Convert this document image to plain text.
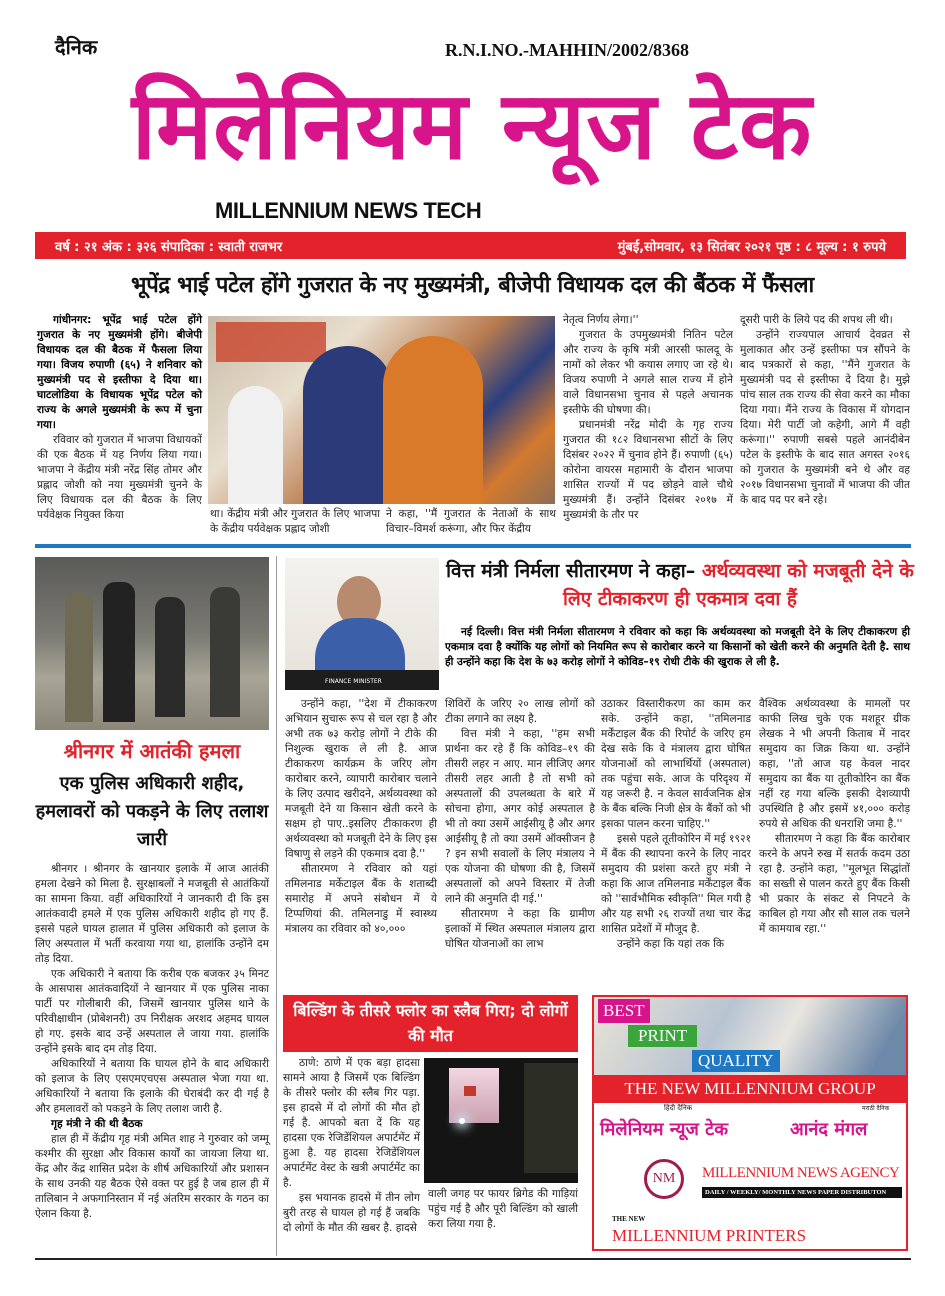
दैनिक	R.N.I.NO.-MAHHIN/2002/8368
मिलेनियम न्यूज टेक
MILLENNIUM NEWS TECH
वर्ष : २१ अंक : ३२६ संपादिका : स्वाती राजभर	मुंबई,सोमवार, १३ सितंबर २०२१ पृष्ठ : ८ मूल्य : १ रुपये
भूपेंद्र भाई पटेल होंगे गुजरात के नए मुख्यमंत्री, बीजेपी विधायक दल की बैंठक में फैंसला

गांधीनगर: भूपेंद्र भाई पटेल होंगे गुजरात के नए मुख्यमंत्री होंगे। बीजेपी विधायक दल की बैठक में फैसला लिया गया। विजय रुपाणी (६५) ने शनिवार को मुख्यमंत्री पद से इस्तीफा दे दिया था। घाटलोडिया के विधायक भूपेंद्र पटेल को राज्य के अगले मुख्यमंत्री के रूप में चुना गया।

रविवार को गुजरात में भाजपा विधायकों की एक बैठक में यह निर्णय लिया गया। भाजपा ने केंद्रीय मंत्री नरेंद्र सिंह तोमर और प्रह्लाद जोशी को नया मुख्यमंत्री चुनने के लिए विधायक दल की बैठक के लिए पर्यवेक्षक नियुक्त किया	था। केंद्रीय मंत्री और गुजरात के लिए भाजपा के केंद्रीय पर्यवेक्षक प्रह्लाद जोशी

ने कहा, ''मैं गुजरात के नेताओं के साथ विचार–विमर्श करूंगा, और फिर केंद्रीय

नेतृत्व निर्णय लेगा।''

गुजरात के उपमुख्यमंत्री नितिन पटेल और राज्य के कृषि मंत्री आरसी फालदू के नामों को लेकर भी कयास लगाए जा रहे थे। विजय रुपाणी ने अगले साल राज्य में होने वाले विधानसभा चुनाव से पहले अचानक इस्तीफे की घोषणा की।

प्रधानमंत्री नरेंद्र मोदी के गृह राज्य गुजरात की १८२ विधानसभा सीटों के लिए दिसंबर २०२२ में चुनाव होने हैं। रुपाणी (६५) कोरोना वायरस महामारी के दौरान भाजपा शासित राज्यों में पद छोड़ने वाले चौथे मुख्यमंत्री हैं। उन्होंने दिसंबर २०१७ में मुख्यमंत्री के तौर पर

दूसरी पारी के लिये पद की शपथ ली थी।

उन्होंने राज्यपाल आचार्य देवव्रत से मुलाकात और उन्हें इस्तीफा पत्र सौंपने के बाद पत्रकारों से कहा, ''मैंने गुजरात के मुख्यमंत्री पद से इस्तीफा दे दिया है। मुझे पांच साल तक राज्य की सेवा करने का मौका दिया गया। मैंने राज्य के विकास में योगदान दिया। मेरी पार्टी जो कहेगी, आगे मैं वही करूंगा।'' रुपाणी सबसे पहले आनंदीबेन पटेल के इस्तीफे के बाद सात अगस्त २०१६ को गुजरात के मुख्यमंत्री बने थे और वह २०१७ विधानसभा चुनावों में भाजपा की जीत के बाद पद पर बने रहे।

श्रीनगर में आतंकी हमला
एक पुलिस अधिकारी शहीद, हमलावरों को पकड़ने के लिए तलाश जारी

श्रीनगर । श्रीनगर के खानयार इलाके में आज आतंकी हमला देखने को मिला है. सुरक्षाबलों ने मजबूती से आतंकियों का सामना किया. वहीं अधिकारियों ने जानकारी दी कि इस आतंकवादी हमले में एक पुलिस अधिकारी शहीद हो गए हैं. इससे पहले घायल हालात में पुलिस अधिकारी को इलाज के लिए अस्पताल में भर्ती करवाया गया था, हालांकि उन्होंने दम तोड़ दिया.

एक अधिकारी ने बताया कि करीब एक बजकर ३५ मिनट के आसपास आतंकवादियों ने खानयार में एक पुलिस नाका पार्टी पर गोलीबारी की, जिसमें खानयार पुलिस थाने के परिवीक्षाधीन (प्रोबेशनरी) उप निरीक्षक अरशद अहमद घायल हो गए. इसके बाद उन्हें अस्पताल ले जाया गया. हालांकि उन्होंने इसके बाद दम तोड़ दिया.

अधिकारियों ने बताया कि घायल होने के बाद अधिकारी को इलाज के लिए एसएमएचएस अस्पताल भेजा गया था. अधिकारियों ने बताया कि इलाके की घेराबंदी कर दी गई है और हमलावरों को पकड़ने के लिए तलाश जारी है.

गृह मंत्री ने की थी बैठक

हाल ही में केंद्रीय गृह मंत्री अमित शाह ने गुरुवार को जम्मू कश्मीर की सुरक्षा और विकास कार्यों का जायजा लिया था. केंद्र और केंद्र शासित प्रदेश के शीर्ष अधिकारियों और प्रशासन के साथ उनकी यह बैठक ऐसे वक्त पर हुई है जब हाल ही में तालिबान ने अफगानिस्तान में नई अंतरिम सरकार के गठन का ऐलान किया है.

FINANCE MINISTER
वित्त मंत्री निर्मला सीतारमण ने कहा– अर्थव्यवस्था को मजबूती देने के लिए टीकाकरण ही एकमात्र दवा हैं

नई दिल्ली। वित्त मंत्री निर्मला सीतारमण ने रविवार को कहा कि अर्थव्यवस्था को मजबूती देने के लिए टीकाकरण ही एकमात्र दवा है क्योंकि यह लोगों को नियमित रूप से कारोबार करने या किसानों को खेती करने की अनुमति देती है. साथ ही उन्होंने कहा कि देश के ७३ करोड़ लोगों ने कोविड–१९ रोधी टीके की खुराक ले ली है.

उन्होंने कहा, ''देश में टीकाकरण अभियान सुचारू रूप से चल रहा है और अभी तक ७३ करोड़ लोगों ने टीके की निशुल्क खुराक ले ली है. आज टीकाकरण कार्यक्रम के जरिए लोग कारोबार करने, व्यापारी कारोबार चलाने के लिए उत्पाद खरीदने, अर्थव्यवस्था को मजबूती देने या किसान खेती करने के सक्षम हो पाए..इसलिए टीकाकरण ही अर्थव्यवस्था को मजबूती देने के लिए इस विषाणु से लड़ने की एकमात्र दवा है.''

सीतारमण ने रविवार को यहां तमिलनाड मर्केटाइल बैंक के शताब्दी समारोह में अपने संबोधन में ये टिप्पणियां की. तमिलनाडु में स्वास्थ्य मंत्रालय का रविवार को ४०,०००

शिविरों के जरिए २० लाख लोगों को टीका लगाने का लक्ष्य है.

वित्त मंत्री ने कहा, ''हम सभी प्रार्थना कर रहे हैं कि कोविड–१९ की तीसरी लहर न आए. मान लीजिए अगर तीसरी लहर आती है तो सभी को अस्पतालों की उपलब्धता के बारे में सोचना होगा, अगर कोई अस्पताल है भी तो क्या उसमें आईसीयू है और अगर आईसीयू है तो क्या उसमें ऑक्सीजन है ? इन सभी सवालों के लिए मंत्रालय ने एक योजना की घोषणा की है, जिसमें अस्पतालों को अपने विस्तार में तेजी लाने की अनुमति दी गई.''

सीतारमण ने कहा कि ग्रामीण इलाकों में स्थित अस्पताल मंत्रालय द्वारा घोषित योजनाओं का लाभ

उठाकर विस्तारीकरण का काम कर सके. उन्होंने कहा, ''तमिलनाड मर्केंटाइल बैंक की रिपोर्ट के जरिए हम देख सके कि वे मंत्रालय द्वारा घोषित योजनाओं को लाभार्थियों (अस्पताल) तक पहुंचा सके. आज के परिदृश्य में यह जरूरी है. न केवल सार्वजनिक क्षेत्र के बैंक बल्कि निजी क्षेत्र के बैंकों को भी इसका पालन करना चाहिए.''

इससे पहले तूतीकोरिन में मई १९२१ में बैंक की स्थापना करने के लिए नादर समुदाय की प्रशंसा करते हुए मंत्री ने कहा कि आज तमिलनाड मर्केंटाइल बैंक को ''सार्वभौमिक स्वीकृति'' मिल गयी है और यह सभी २६ राज्यों तथा चार केंद्र शासित प्रदेशों में मौजूद है.

उन्होंने कहा कि यहां तक कि

वैश्विक अर्थव्यवस्था के मामलों पर काफी लिख चुके एक मशहूर ग्रीक लेखक ने भी अपनी किताब में नादर समुदाय का जिक्र किया था. उन्होंने कहा, ''तो आज यह केवल नादर समुदाय का बैंक या तूतीकोरिन का बैंक नहीं रह गया बल्कि इसकी देशव्यापी उपस्थिति है और इसमें ४१,००० करोड़ रुपये से अधिक की धनराशि जमा है.''

सीतारमण ने कहा कि बैंक कारोबार करने के अपने रुख में सतर्क कदम उठा रहा है. उन्होंने कहा, ''मूलभूत सिद्धांतों का सख्ती से पालन करते हुए बैंक किसी भी प्रकार के संकट से निपटने के काबिल हो गया और सौ साल तक चलने में कामयाब रहा.''

बिल्डिंग के तीसरे फ्लोर का स्लैब गिरा; दो लोगों की मौत

ठाणे: ठाणे में एक बड़ा हादसा सामने आया है जिसमें एक बिल्डिंग के तीसरे फ्लोर की स्लैब गिर पड़ा. इस हादसे में दो लोगों की मौत हो गई है. आपको बता दें कि यह हादसा एक रेजिडेंशियल अपार्टमेंट में हुआ है. यह हादसा रेजिडेंशियल अपार्टमेंट वेस्ट के खत्री अपार्टमेंट का है.

इस भयानक हादसे में तीन लोग बुरी तरह से घायल हो गई हैं जबकि दो लोगों के मौत की खबर है. हादसे

वाली जगह पर फायर ब्रिगेड की गाड़ियां पहुंच गई है और पूरी बिल्डिंग को खाली करा लिया गया है.

BEST
PRINT
QUALITY
THE NEW MILLENNIUM GROUP
हिंदी दैनिक
मिलेनियम न्यूज टेक
मराठी दैनिक
आनंद मंगल
NM	MILLENNIUM NEWS AGENCY
DAILY / WEEKLY/ MONTHLY NEWS PAPER DISTRIBUTON
THE NEW
MILLENNIUM PRINTERS
